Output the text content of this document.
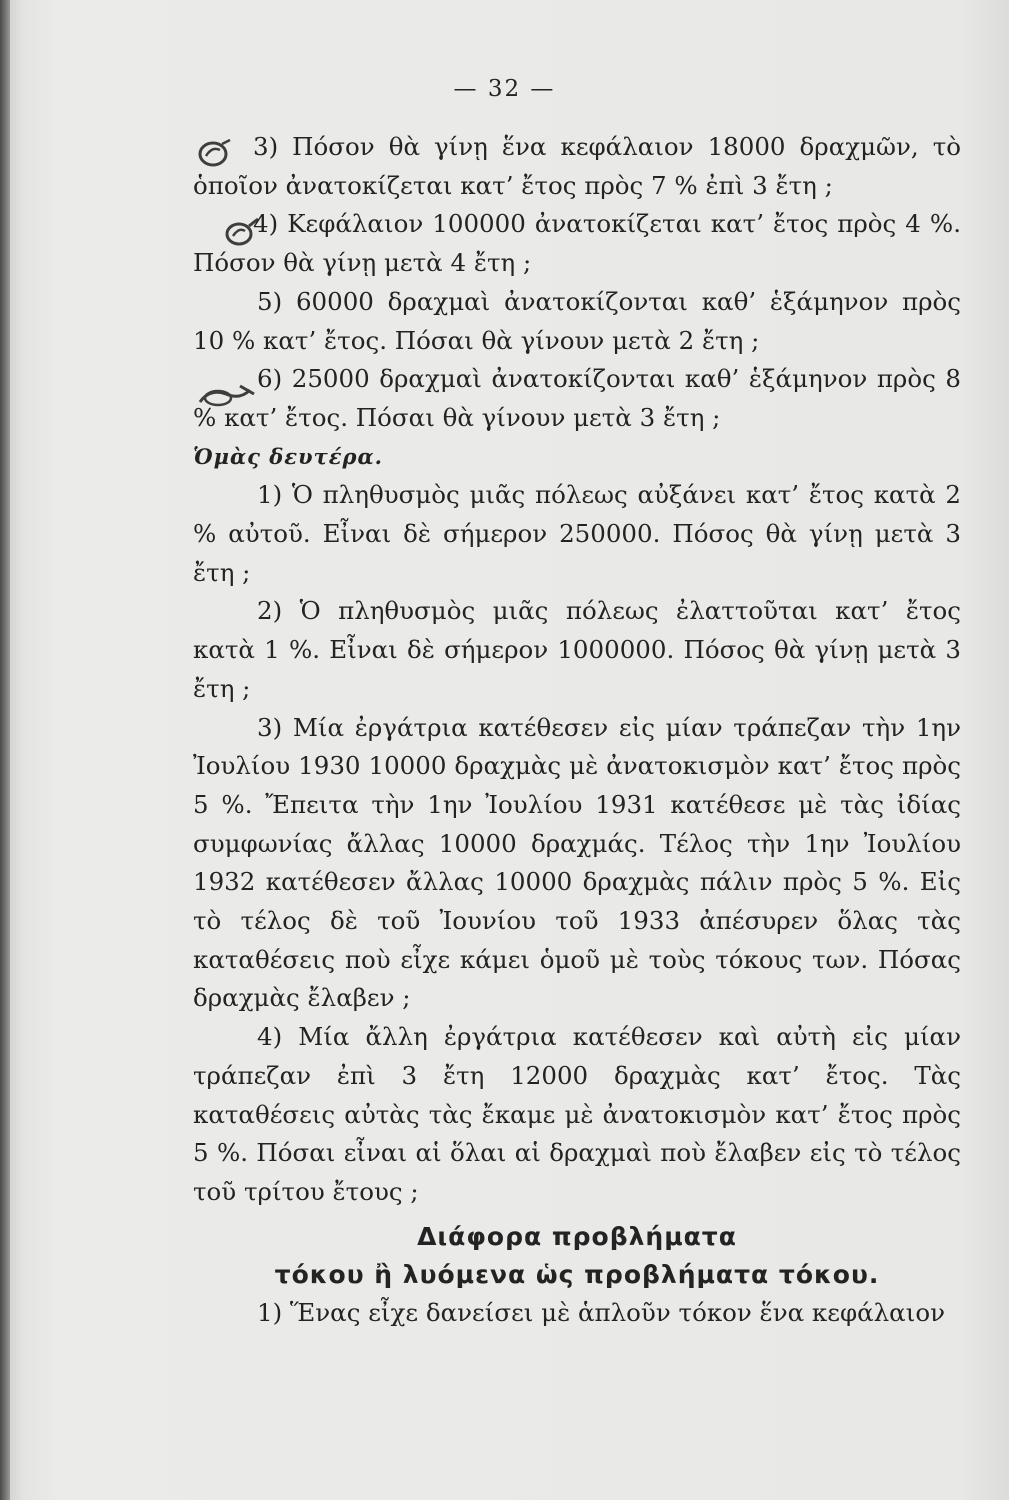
— 32 —

3) Πόσον θὰ γίνῃ ἕνα κεφάλαιον 18000 δραχμῶν, τὸ ὁποῖον ἀνατοκίζεται κατ’ ἔτος πρὸς 7 % ἐπὶ 3 ἔτη ;

4) Κεφάλαιον 100000 ἀνατοκίζεται κατ’ ἔτος πρὸς 4 %. Πόσον θὰ γίνῃ μετὰ 4 ἔτη ;

5) 60000 δραχμαὶ ἀνατοκίζονται καθ’ ἑξάμηνον πρὸς 10 % κατ’ ἔτος. Πόσαι θὰ γίνουν μετὰ 2 ἔτη ;

6) 25000 δραχμαὶ ἀνατοκίζονται καθ’ ἑξάμηνον πρὸς 8 % κατ’ ἔτος. Πόσαι θὰ γίνουν μετὰ 3 ἔτη ;

Ὁμὰς δευτέρα.

1) Ὁ πληθυσμὸς μιᾶς πόλεως αὐξάνει κατ’ ἔτος κατὰ 2 % αὐτοῦ. Εἶναι δὲ σήμερον 250000. Πόσος θὰ γίνῃ μετὰ 3 ἔτη ;

2) Ὁ πληθυσμὸς μιᾶς πόλεως ἐλαττοῦται κατ’ ἔτος κατὰ 1 %. Εἶναι δὲ σήμερον 1000000. Πόσος θὰ γίνῃ μετὰ 3 ἔτη ;

3) Μία ἐργάτρια κατέθεσεν εἰς μίαν τράπεζαν τὴν 1ην Ἰουλίου 1930 10000 δραχμὰς μὲ ἀνατοκισμὸν κατ’ ἔτος πρὸς 5 %. Ἔπειτα τὴν 1ην Ἰουλίου 1931 κατέθεσε μὲ τὰς ἰδίας συμφωνίας ἄλλας 10000 δραχμάς. Τέλος τὴν 1ην Ἰουλίου 1932 κατέθεσεν ἄλλας 10000 δραχμὰς πάλιν πρὸς 5 %. Εἰς τὸ τέλος δὲ τοῦ Ἰουνίου τοῦ 1933 ἀπέσυρεν ὅλας τὰς καταθέσεις ποὺ εἶχε κάμει ὁμοῦ μὲ τοὺς τόκους των. Πόσας δραχμὰς ἔλαβεν ;

4) Μία ἄλλη ἐργάτρια κατέθεσεν καὶ αὐτὴ εἰς μίαν τράπεζαν ἐπὶ 3 ἔτη 12000 δραχμὰς κατ’ ἔτος. Τὰς καταθέσεις αὐτὰς τὰς ἔκαμε μὲ ἀνατοκισμὸν κατ’ ἔτος πρὸς 5 %. Πόσαι εἶναι αἱ ὅλαι αἱ δραχμαὶ ποὺ ἔλαβεν εἰς τὸ τέλος τοῦ τρίτου ἔτους ;

Διάφορα προβλήματα

τόκου ἢ λυόμενα ὡς προβλήματα τόκου.

1) Ἕνας εἶχε δανείσει μὲ ἁπλοῦν τόκον ἕνα κεφάλαιον
